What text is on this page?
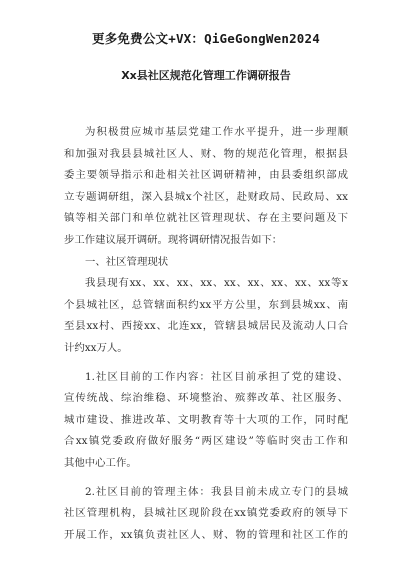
更多免费公文+VX：QiGeGongWen2024
Xx县社区规范化管理工作调研报告
为积极贯应城市基层党建工作水平提升，进一步理顺
和加强对我县县城社区人、财、物的规范化管理，根据县
委主要领导指示和赴相关社区调研精神，由县委组织部成
立专题调研组，深入县城x个社区，赴财政局、民政局、xx
镇等相关部门和单位就社区管理现状、存在主要问题及下
步工作建议展开调研。现将调研情况报告如下：
一、社区管理现状
我县现有xx、xx、xx、xx、xx、xx、xx、xx、xx等x
个县城社区，总管辖面积约xx平方公里，东到县城xx、南
至县xx村、西接xx、北连xx，管辖县城居民及流动人口合
计约xx万人。
1.社区目前的工作内容：社区目前承担了党的建设、
宣传统战、综治维稳、环境整治、殡葬改革、社区服务、
城市建设、推进改革、文明教育等十大项的工作，同时配
合xx镇党委政府做好服务“两区建设”等临时突击工作和
其他中心工作。
2.社区目前的管理主体：我县目前未成立专门的县城
社区管理机构，县城社区现阶段在xx镇党委政府的领导下
开展工作，xx镇负责社区人、财、物的管理和社区工作的
